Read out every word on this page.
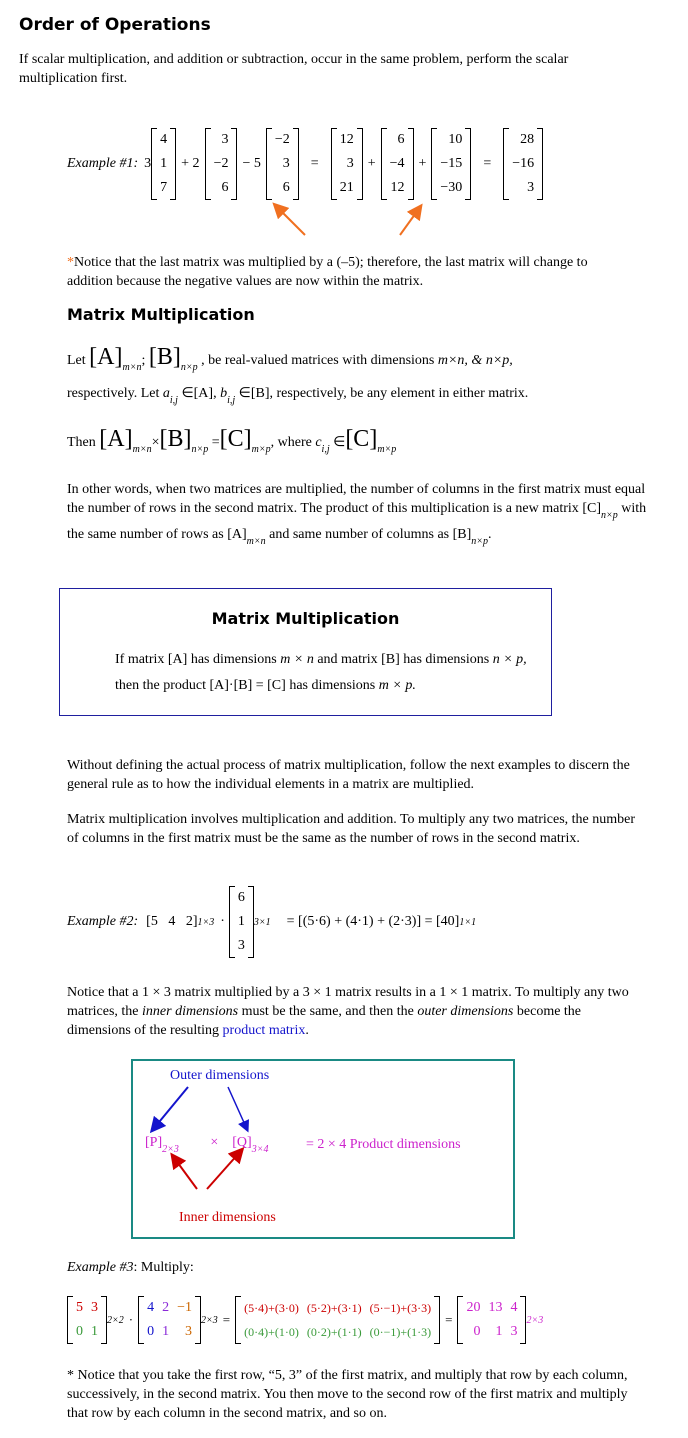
Order of Operations

If scalar multiplication, and addition or subtraction, occur in the same problem, perform the scalar multiplication first.

Example #1: 3
4
1
7
+ 2
3
−2
6
− 5
−2
3
6
=
12
3
21
+
6
−4
12
+
10
−15
−30
=
28
−16
3

*Notice that the last matrix was multiplied by a (–5); therefore, the last matrix will change to addition because the negative values are now within the matrix.

Matrix Multiplication

Let $[A]_{m\times n}$; $[B]_{n\times p}$ , be real-valued matrices with dimensions m×n, & n×p,
respectively. Let $a_{i,j}$ ∈[A], $b_{i,j}$ ∈[B], respectively, be any element in either matrix.

Then $[A]_{m\times n}\times[B]_{n\times p} =[C]_{m\times p}$, where $c_{i,j}$ $\in[C]_{m\times p}$

In other words, when two matrices are multiplied, the number of columns in the first matrix must equal the number of rows in the second matrix. The product of this multiplication is a new matrix $[C]_{n\times p}$ with the same number of rows as $[A]_{m\times n}$ and same number of columns as $[B]_{n\times p}$.

Matrix Multiplication

If matrix [A] has dimensions m × n and matrix [B] has dimensions n × p, then the product [A]·[B] = [C] has dimensions m × p.

Without defining the actual process of matrix multiplication, follow the next examples to discern the general rule as to how the individual elements in a matrix are multiplied.

Matrix multiplication involves multiplication and addition. To multiply any two matrices, the number of columns in the first matrix must be the same as the number of rows in the second matrix.

Example #2: [5   4   2] 1×3 ·
6
1
3
3×1 = [(5·6) + (4·1) + (2·3)] = [40] 1×1

Notice that a 1 × 3 matrix multiplied by a 3 × 1 matrix results in a 1 × 1 matrix. To multiply any two matrices, the inner dimensions must be the same, and then the outer dimensions become the dimensions of the resulting product matrix.

Outer dimensions
$[P]_{2\times 3}$         ×    $[Q]_{3\times 4}$	= 2 × 4 Product dimensions
Inner dimensions

Example #3: Multiply:

5	3
0	1
2×2 ·
4	2	−1
0	1	3
2×3 =
(5·4)+(3·0)	(5·2)+(3·1)	(5·−1)+(3·3)
(0·4)+(1·0)	(0·2)+(1·1)	(0·−1)+(1·3)
=
20	13	4
0	1	3
2×3

* Notice that you take the first row, “5, 3” of the first matrix, and multiply that row by each column, successively, in the second matrix. You then move to the second row of the first matrix and multiply that row by each column in the second matrix, and so on.
